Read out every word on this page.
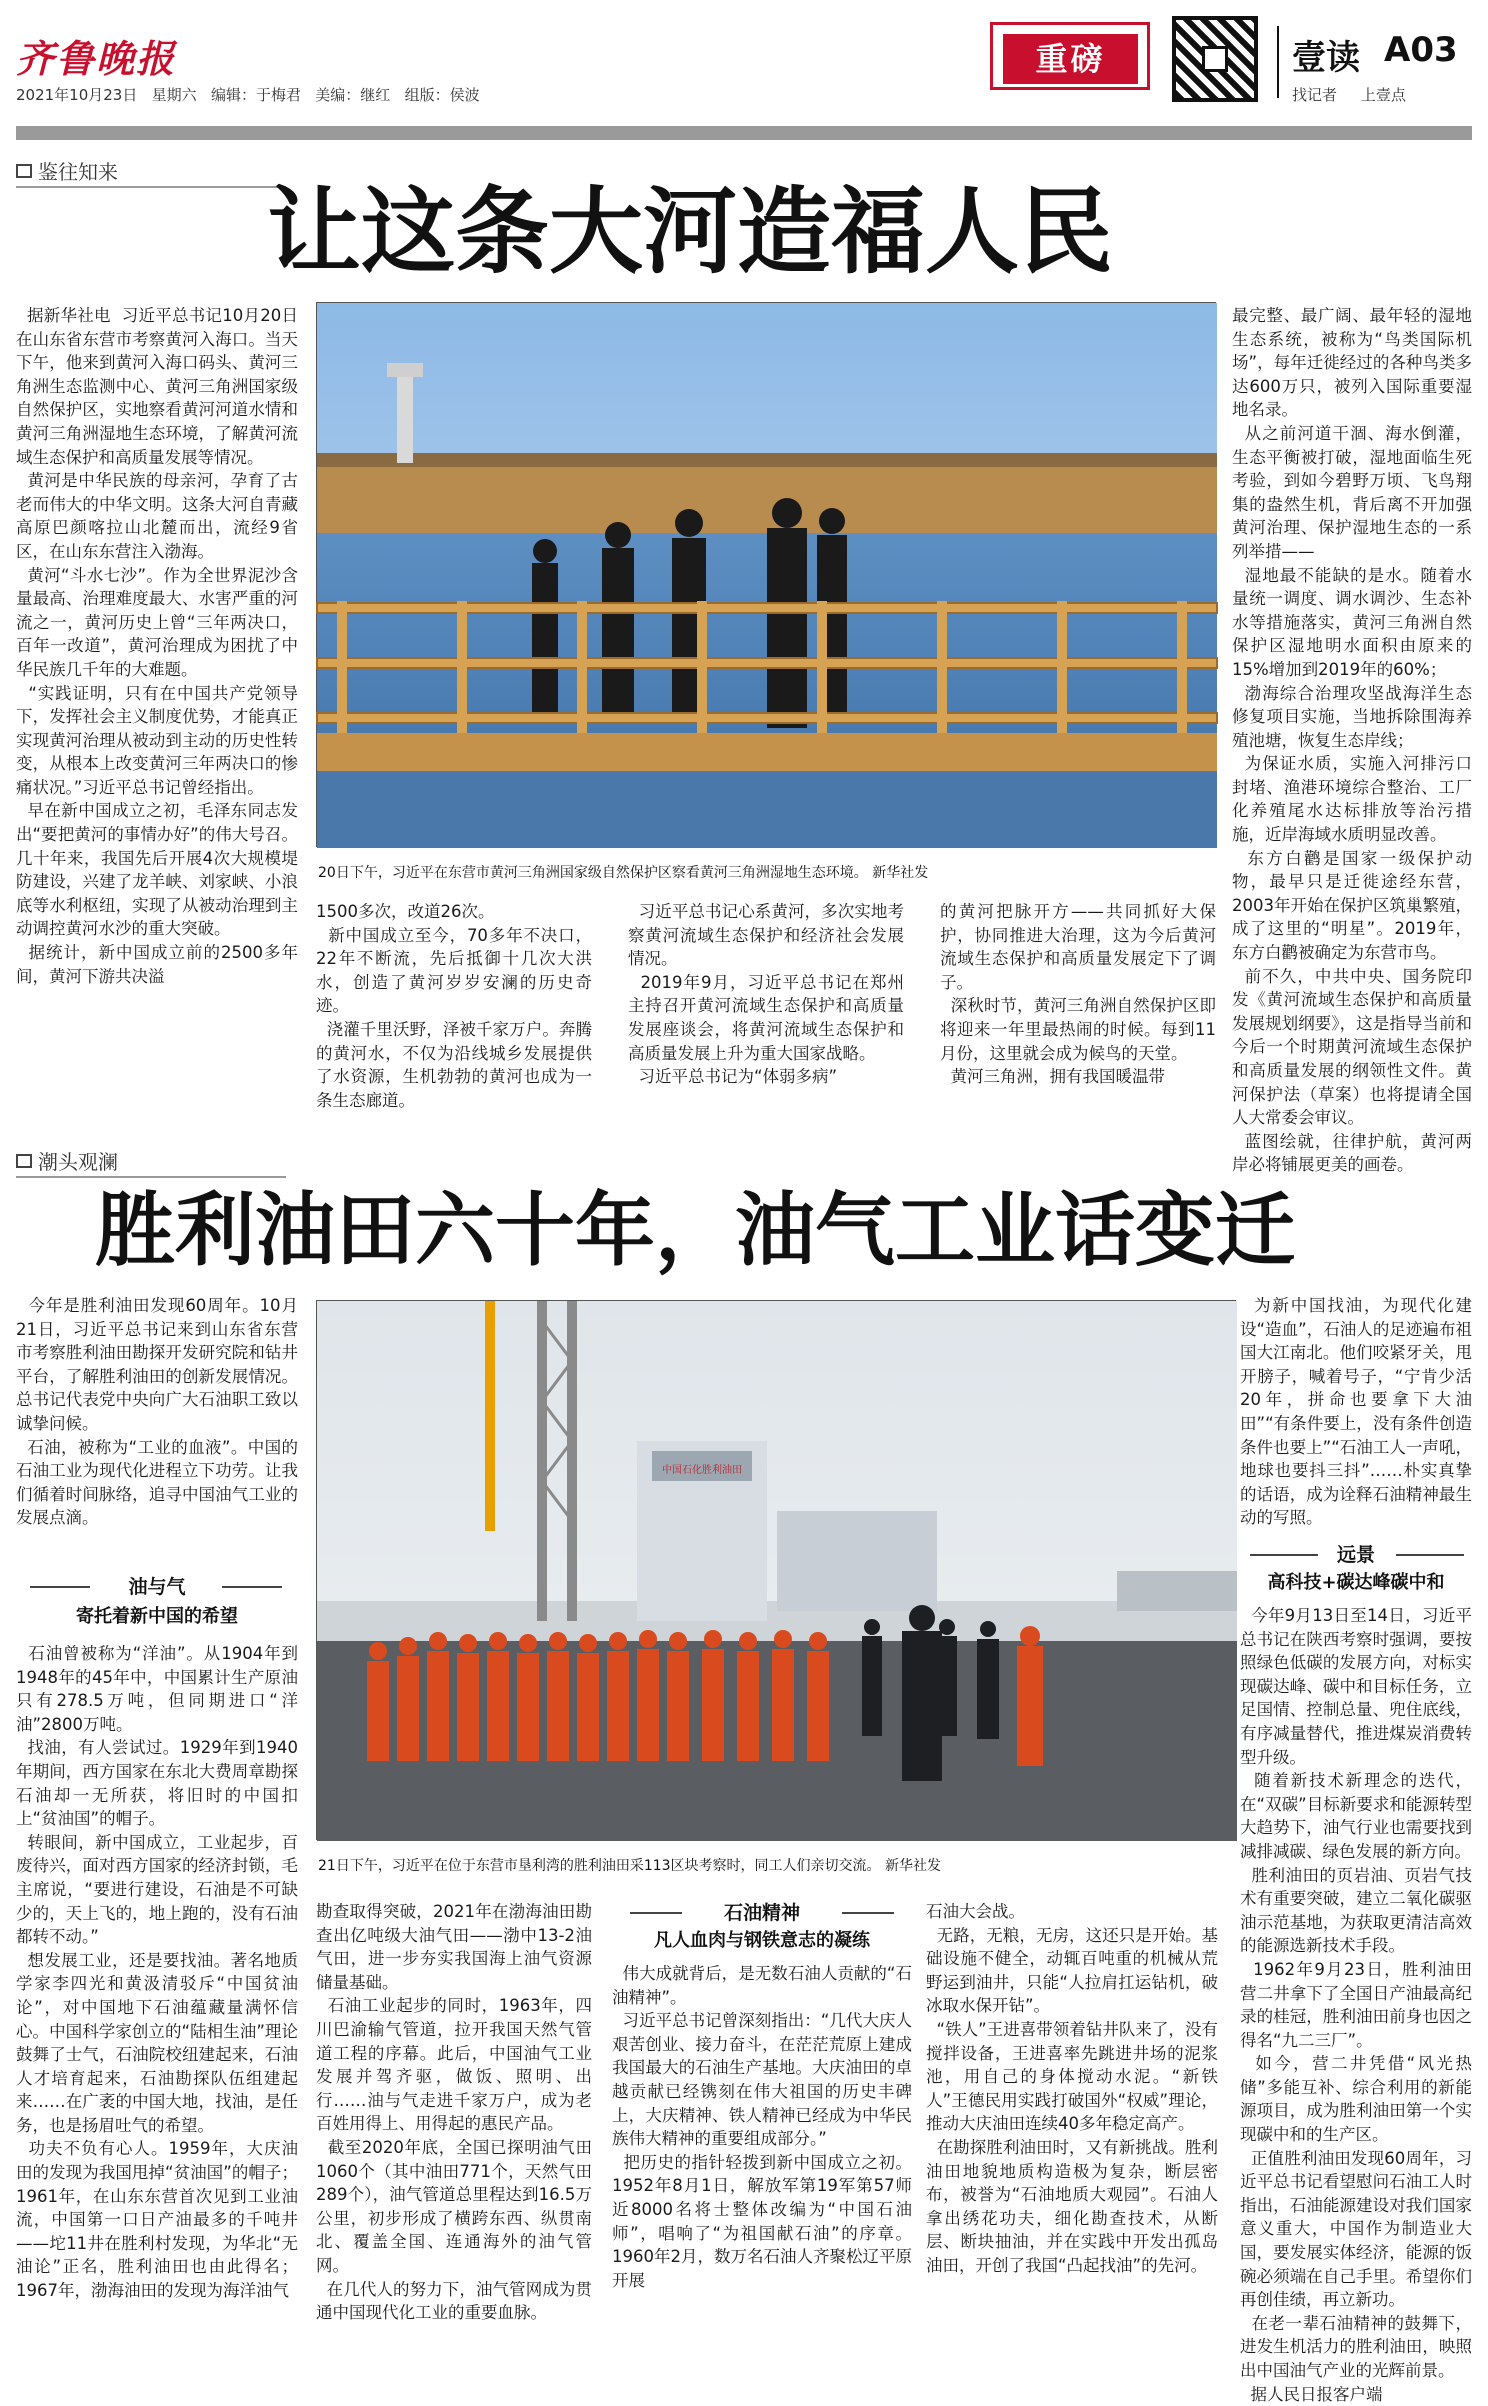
齐鲁晚报
2021年10月23日   星期六   编辑：于梅君   美编：继红   组版：侯波
重磅	壹读 A03
找记者     上壹点
鉴往知来
让这条大河造福人民
据新华社电  习近平总书记10月20日在山东省东营市考察黄河入海口。当天下午，他来到黄河入海口码头、黄河三角洲生态监测中心、黄河三角洲国家级自然保护区，实地察看黄河河道水情和黄河三角洲湿地生态环境，了解黄河流域生态保护和高质量发展等情况。
黄河是中华民族的母亲河，孕育了古老而伟大的中华文明。这条大河自青藏高原巴颜喀拉山北麓而出，流经9省区，在山东东营注入渤海。
黄河“斗水七沙”。作为全世界泥沙含量最高、治理难度最大、水害严重的河流之一，黄河历史上曾“三年两决口，百年一改道”，黄河治理成为困扰了中华民族几千年的大难题。
“实践证明，只有在中国共产党领导下，发挥社会主义制度优势，才能真正实现黄河治理从被动到主动的历史性转变，从根本上改变黄河三年两决口的惨痛状况。”习近平总书记曾经指出。
早在新中国成立之初，毛泽东同志发出“要把黄河的事情办好”的伟大号召。几十年来，我国先后开展4次大规模堤防建设，兴建了龙羊峡、刘家峡、小浪底等水利枢纽，实现了从被动治理到主动调控黄河水沙的重大突破。
据统计，新中国成立前的2500多年间，黄河下游共决溢
20日下午，习近平在东营市黄河三角洲国家级自然保护区察看黄河三角洲湿地生态环境。 新华社发
1500多次，改道26次。
新中国成立至今，70多年不决口，22年不断流，先后抵御十几次大洪水，创造了黄河岁岁安澜的历史奇迹。
浇灌千里沃野，泽被千家万户。奔腾的黄河水，不仅为沿线城乡发展提供了水资源，生机勃勃的黄河也成为一条生态廊道。
习近平总书记心系黄河，多次实地考察黄河流域生态保护和经济社会发展情况。
2019年9月，习近平总书记在郑州主持召开黄河流域生态保护和高质量发展座谈会，将黄河流域生态保护和高质量发展上升为重大国家战略。
习近平总书记为“体弱多病”
的黄河把脉开方——共同抓好大保护，协同推进大治理，这为今后黄河流域生态保护和高质量发展定下了调子。
深秋时节，黄河三角洲自然保护区即将迎来一年里最热闹的时候。每到11月份，这里就会成为候鸟的天堂。
黄河三角洲，拥有我国暖温带
最完整、最广阔、最年轻的湿地生态系统，被称为“鸟类国际机场”，每年迁徙经过的各种鸟类多达600万只，被列入国际重要湿地名录。
从之前河道干涸、海水倒灌，生态平衡被打破，湿地面临生死考验，到如今碧野万顷、飞鸟翔集的盎然生机，背后离不开加强黄河治理、保护湿地生态的一系列举措——
湿地最不能缺的是水。随着水量统一调度、调水调沙、生态补水等措施落实，黄河三角洲自然保护区湿地明水面积由原来的15%增加到2019年的60%；
渤海综合治理攻坚战海洋生态修复项目实施，当地拆除围海养殖池塘，恢复生态岸线；
为保证水质，实施入河排污口封堵、渔港环境综合整治、工厂化养殖尾水达标排放等治污措施，近岸海域水质明显改善。
东方白鹳是国家一级保护动物，最早只是迁徙途经东营，2003年开始在保护区筑巢繁殖，成了这里的“明星”。2019年，东方白鹳被确定为东营市鸟。
前不久，中共中央、国务院印发《黄河流域生态保护和高质量发展规划纲要》，这是指导当前和今后一个时期黄河流域生态保护和高质量发展的纲领性文件。黄河保护法（草案）也将提请全国人大常委会审议。
蓝图绘就，往律护航，黄河两岸必将铺展更美的画卷。
潮头观澜
胜利油田六十年，油气工业话变迁
今年是胜利油田发现60周年。10月21日，习近平总书记来到山东省东营市考察胜利油田勘探开发研究院和钻井平台，了解胜利油田的创新发展情况。总书记代表党中央向广大石油职工致以诚挚问候。
石油，被称为“工业的血液”。中国的石油工业为现代化进程立下功劳。让我们循着时间脉络，追寻中国油气工业的发展点滴。
油与气
寄托着新中国的希望
石油曾被称为“洋油”。从1904年到1948年的45年中，中国累计生产原油只有278.5万吨，但同期进口“洋油”2800万吨。
找油，有人尝试过。1929年到1940年期间，西方国家在东北大费周章勘探石油却一无所获，将旧时的中国扣上“贫油国”的帽子。
转眼间，新中国成立，工业起步，百废待兴，面对西方国家的经济封锁，毛主席说，“要进行建设，石油是不可缺少的，天上飞的，地上跑的，没有石油都转不动。”
想发展工业，还是要找油。著名地质学家李四光和黄汲清驳斥“中国贫油论”，对中国地下石油蕴藏量满怀信心。中国科学家创立的“陆相生油”理论鼓舞了士气，石油院校纽建起来，石油人才培育起来，石油勘探队伍组建起来……在广袤的中国大地，找油，是任务，也是扬眉吐气的希望。
功夫不负有心人。1959年，大庆油田的发现为我国甩掉“贫油国”的帽子；1961年，在山东东营首次见到工业油流，中国第一口日产油最多的千吨井——坨11井在胜利村发现，为华北“无油论”正名，胜利油田也由此得名；1967年，渤海油田的发现为海洋油气
中国石化胜利油田
21日下午，习近平在位于东营市垦利湾的胜利油田采113区块考察时，同工人们亲切交流。 新华社发
勘查取得突破，2021年在渤海油田勘查出亿吨级大油气田——渤中13-2油气田，进一步夯实我国海上油气资源储量基础。
石油工业起步的同时，1963年，四川巴渝输气管道，拉开我国天然气管道工程的序幕。此后，中国油气工业发展并驾齐驱，做饭、照明、出行……油与气走进千家万户，成为老百姓用得上、用得起的惠民产品。
截至2020年底，全国已探明油气田1060个（其中油田771个，天然气田289个），油气管道总里程达到16.5万公里，初步形成了横跨东西、纵贯南北、覆盖全国、连通海外的油气管网。
在几代人的努力下，油气管网成为贯通中国现代化工业的重要血脉。
石油精神
凡人血肉与钢铁意志的凝练
伟大成就背后，是无数石油人贡献的“石油精神”。
习近平总书记曾深刻指出：“几代大庆人艰苦创业、接力奋斗，在茫茫荒原上建成我国最大的石油生产基地。大庆油田的卓越贡献已经镌刻在伟大祖国的历史丰碑上，大庆精神、铁人精神已经成为中华民族伟大精神的重要组成部分。”
把历史的指针轻拨到新中国成立之初。1952年8月1日，解放军第19军第57师近8000名将士整体改编为“中国石油师”，唱响了“为祖国献石油”的序章。1960年2月，数万名石油人齐聚松辽平原开展
石油大会战。
无路，无粮，无房，这还只是开始。基础设施不健全，动辄百吨重的机械从荒野运到油井，只能“人拉肩扛运钻机，破冰取水保开钻”。
“铁人”王进喜带领着钻井队来了，没有搅拌设备，王进喜率先跳进井场的泥浆池，用自己的身体搅动水泥。“新铁人”王德民用实践打破国外“权威”理论，推动大庆油田连续40多年稳定高产。
在勘探胜利油田时，又有新挑战。胜利油田地貌地质构造极为复杂，断层密布，被誉为“石油地质大观园”。石油人拿出绣花功夫，细化勘查技术，从断层、断块抽油，并在实践中开发出孤岛油田，开创了我国“凸起找油”的先河。
为新中国找油，为现代化建设“造血”，石油人的足迹遍布祖国大江南北。他们咬紧牙关，甩开膀子，喊着号子，“宁肯少活20年，拼命也要拿下大油田”“有条件要上，没有条件创造条件也要上”“石油工人一声吼，地球也要抖三抖”……朴实真挚的话语，成为诠释石油精神最生动的写照。
远景
高科技+碳达峰碳中和
今年9月13日至14日，习近平总书记在陕西考察时强调，要按照绿色低碳的发展方向，对标实现碳达峰、碳中和目标任务，立足国情、控制总量、兜住底线，有序减量替代，推进煤炭消费转型升级。
随着新技术新理念的迭代，在“双碳”目标新要求和能源转型大趋势下，油气行业也需要找到减排减碳、绿色发展的新方向。
胜利油田的页岩油、页岩气技术有重要突破，建立二氧化碳驱油示范基地，为获取更清洁高效的能源选新技术手段。
1962年9月23日，胜利油田营二井拿下了全国日产油最高纪录的桂冠，胜利油田前身也因之得名“九二三厂”。
如今，营二井凭借“风光热储”多能互补、综合利用的新能源项目，成为胜利油田第一个实现碳中和的生产区。
正值胜利油田发现60周年，习近平总书记看望慰问石油工人时指出，石油能源建设对我们国家意义重大，中国作为制造业大国，要发展实体经济，能源的饭碗必须端在自己手里。希望你们再创佳绩，再立新功。
在老一辈石油精神的鼓舞下，进发生机活力的胜利油田，映照出中国油气产业的光辉前景。
据人民日报客户端
